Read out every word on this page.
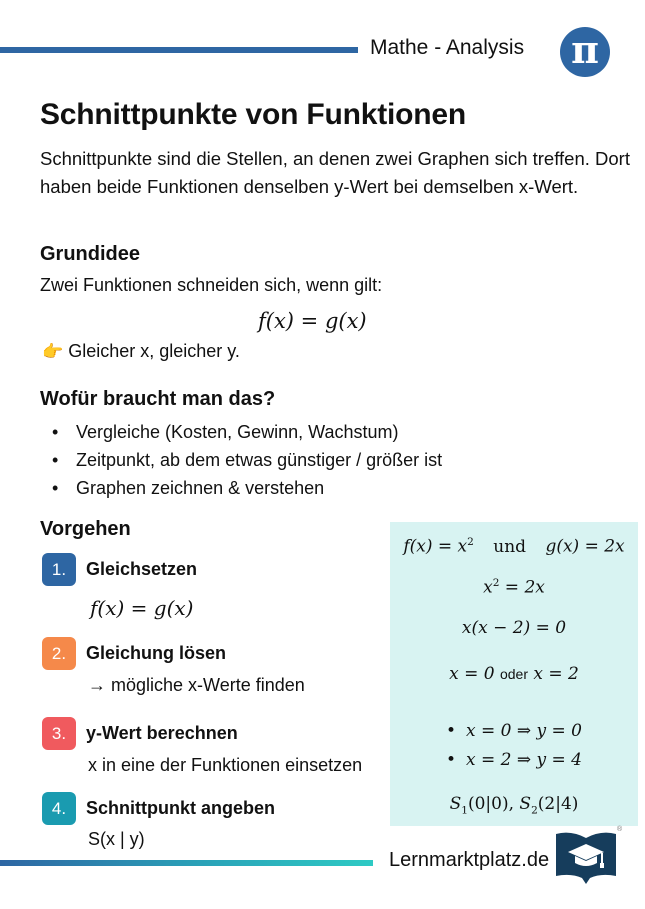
Mathe - Analysis π
Schnittpunkte von Funktionen
Schnittpunkte sind die Stellen, an denen zwei Graphen sich treffen. Dort haben beide Funktionen denselben y-Wert bei demselben x-Wert.
Grundidee
Zwei Funktionen schneiden sich, wenn gilt:
f(x) = g(x)
👉 Gleicher x, gleicher y.
Wofür braucht man das?
• Vergleiche (Kosten, Gewinn, Wachstum)
• Zeitpunkt, ab dem etwas günstiger / größer ist
• Graphen zeichnen & verstehen
Vorgehen
1.	Gleichsetzen
f(x) = g(x)
2.	Gleichung lösen
→ mögliche x-Werte finden
3.	y-Wert berechnen
x in eine der Funktionen einsetzen
4.	Schnittpunkt angeben
S(x | y)
$f(x) = x^2$ und g(x) = 2x
$x^2 = 2x$
x(x − 2) = 0
x = 0 oder x = 2
• x = 0 ⇒ y = 0
• x = 2 ⇒ y = 4
$S_1(0|0)$, $S_2(2|4)$
Lernmarktplatz.de
®
